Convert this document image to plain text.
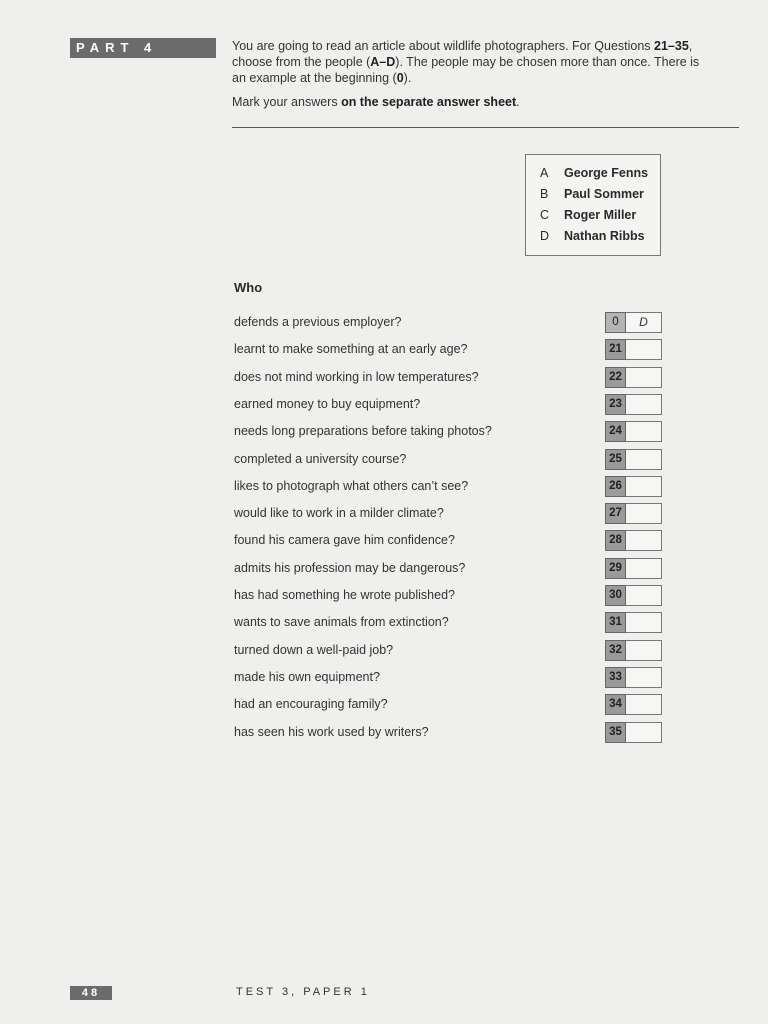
PART 4	You are going to read an article about wildlife photographers. For Questions 21–35, choose from the people (A–D). The people may be chosen more than once. There is an example at the beginning (0).

Mark your answers on the separate answer sheet.

A George Fenns
B Paul Sommer
C Roger Miller
D Nathan Ribbs
Who
defends a previous employer?	0	D
learnt to make something at an early age?	21
does not mind working in low temperatures?	22
earned money to buy equipment?	23
needs long preparations before taking photos?	24
completed a university course?	25
likes to photograph what others can’t see?	26
would like to work in a milder climate?	27
found his camera gave him confidence?	28
admits his profession may be dangerous?	29
has had something he wrote published?	30
wants to save animals from extinction?	31
turned down a well-paid job?	32
made his own equipment?	33
had an encouraging family?	34
has seen his work used by writers?	35
48	TEST 3, PAPER 1
